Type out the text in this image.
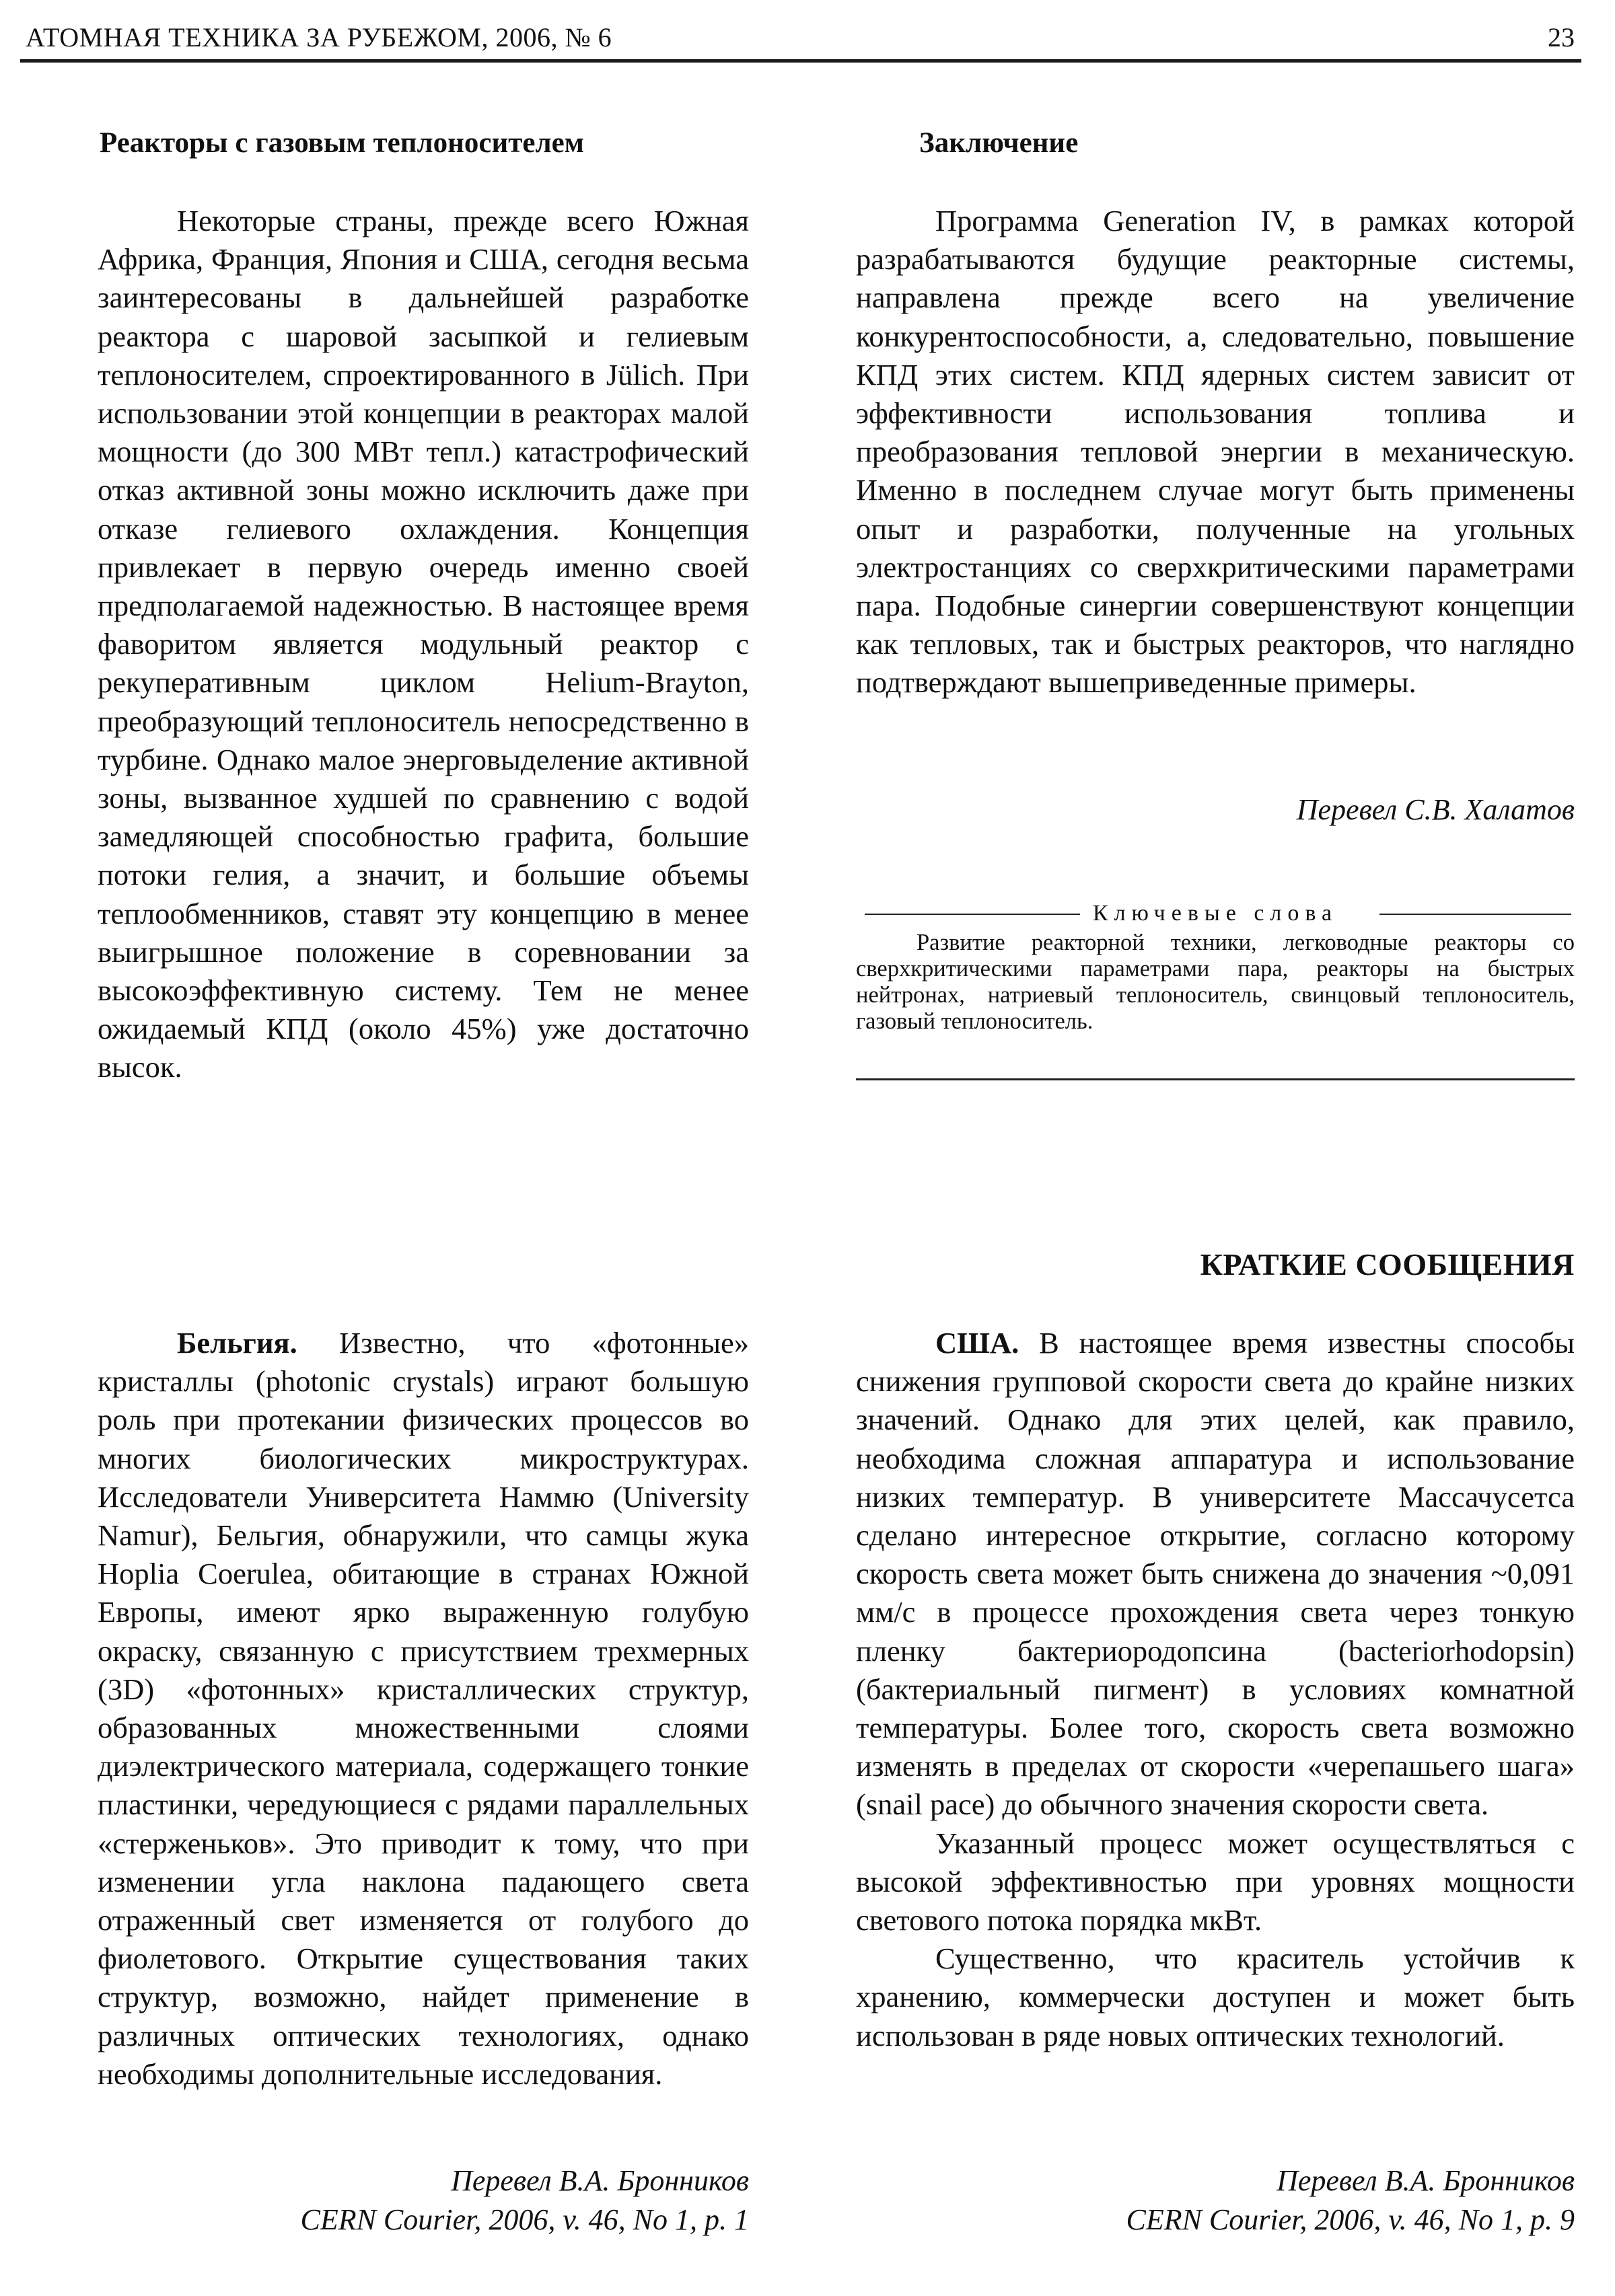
АТОМНАЯ ТЕХНИКА ЗА РУБЕЖОМ, 2006, № 6	23
Реакторы с газовым теплоносителем

Некоторые страны, прежде всего Южная Африка, Франция, Япония и США, сегодня весьма заинтересованы в дальнейшей разработке реактора с шаровой засыпкой и гелиевым теплоносителем, спроектированного в Jülich. При использовании этой концепции в реакторах малой мощности (до 300 МВт тепл.) катастрофический отказ активной зоны можно исключить даже при отказе гелиевого охлаждения. Концепция привлекает в первую очередь именно своей предполагаемой надежностью. В настоящее время фаворитом является модульный реактор с рекуперативным циклом Helium-Brayton, преобразующий теплоноситель непосредственно в турбине. Однако малое энерговыделение активной зоны, вызванное худшей по сравнению с водой замедляющей способностью графита, большие потоки гелия, а значит, и большие объемы теплообменников, ставят эту концепцию в менее выигрышное положение в соревновании за высокоэффективную систему. Тем не менее ожидаемый КПД (около 45%) уже достаточно высок.

Заключение

Программа Generation IV, в рамках которой разрабатываются будущие реакторные системы, направлена прежде всего на увеличение конкурентоспособности, а, следовательно, повышение КПД этих систем. КПД ядерных систем зависит от эффективности использования топлива и преобразования тепловой энергии в механическую. Именно в последнем случае могут быть применены опыт и разработки, полученные на угольных электростанциях со сверхкритическими параметрами пара. Подобные синергии совершенствуют концепции как тепловых, так и быстрых реакторов, что наглядно подтверждают вышеприведенные примеры.

Перевел С.В. Халатов
Ключевые слова

Развитие реакторной техники, легководные реакторы со сверхкритическими параметрами пара, реакторы на быстрых нейтронах, натриевый теплоноситель, свинцовый теплоноситель, газовый теплоноситель.

КРАТКИЕ СООБЩЕНИЯ

Бельгия. Известно, что «фотонные» кристаллы (photonic crystals) играют большую роль при протекании физических процессов во многих биологических микроструктурах. Исследователи Университета Наммю (University Namur), Бельгия, обнаружили, что самцы жука Hoplia Coerulea, обитающие в странах Южной Европы, имеют ярко выраженную голубую окраску, связанную с присутствием трехмерных (3D) «фотонных» кристаллических структур, образованных множественными слоями диэлектрического материала, содержащего тонкие пластинки, чередующиеся с рядами параллельных «стерженьков». Это приводит к тому, что при изменении угла наклона падающего света отраженный свет изменяется от голубого до фиолетового. Открытие существования таких структур, возможно, найдет применение в различных оптических технологиях, однако необходимы дополнительные исследования.

Перевел В.А. Бронников
CERN Courier, 2006, v. 46, No 1, p. 1

США. В настоящее время известны способы снижения групповой скорости света до крайне низких значений. Однако для этих целей, как правило, необходима сложная аппаратура и использование низких температур. В университете Массачусетса сделано интересное открытие, согласно которому скорость света может быть снижена до значения ~0,091 мм/с в процессе прохождения света через тонкую пленку бактериородопсина (bacteriorhodopsin) (бактериальный пигмент) в условиях комнатной температуры. Более того, скорость света возможно изменять в пределах от скорости «черепашьего шага» (snail pace) до обычного значения скорости света.

Указанный процесс может осуществляться с высокой эффективностью при уровнях мощности светового потока порядка мкВт.

Существенно, что краситель устойчив к хранению, коммерчески доступен и может быть использован в ряде новых оптических технологий.

Перевел В.А. Бронников
CERN Courier, 2006, v. 46, No 1, p. 9
